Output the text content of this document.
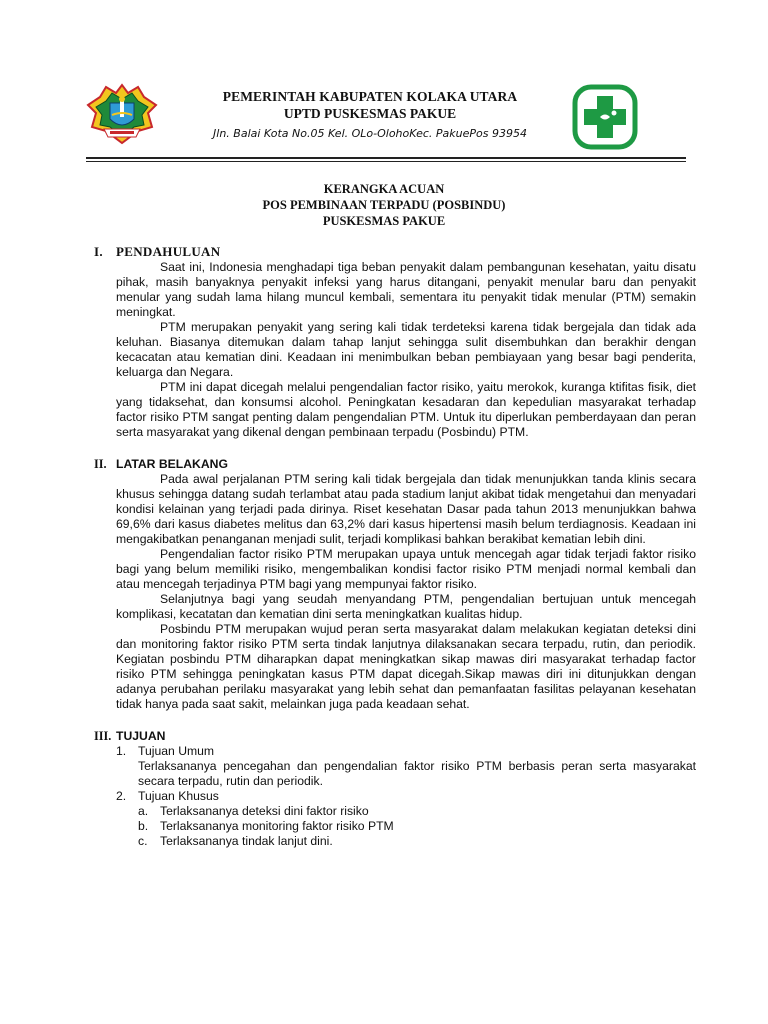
PEMERINTAH KABUPATEN KOLAKA UTARA
UPTD PUSKESMAS PAKUE
Jln. Balai Kota No.05 Kel. OLo-OlohoKec. PakuePos 93954
KERANGKA ACUAN
POS PEMBINAAN TERPADU (POSBINDU)
PUSKESMAS PAKUE
I.	PENDAHULUAN

Saat ini, Indonesia menghadapi tiga beban penyakit dalam pembangunan kesehatan, yaitu disatu pihak, masih banyaknya penyakit infeksi yang harus ditangani, penyakit menular baru dan penyakit menular yang sudah lama hilang muncul kembali, sementara itu penyakit tidak menular (PTM) semakin meningkat.

PTM merupakan penyakit yang sering kali tidak terdeteksi karena tidak bergejala dan tidak ada keluhan. Biasanya ditemukan dalam tahap lanjut sehingga sulit disembuhkan dan berakhir dengan kecacatan atau kematian dini. Keadaan ini menimbulkan beban pembiayaan yang besar bagi penderita, keluarga dan Negara.

PTM ini dapat dicegah melalui pengendalian factor risiko, yaitu merokok, kuranga ktifitas fisik, diet yang tidaksehat, dan konsumsi alcohol. Peningkatan kesadaran dan kepedulian masyarakat terhadap factor risiko PTM sangat penting dalam pengendalian PTM. Untuk itu diperlukan pemberdayaan dan peran serta masyarakat yang dikenal dengan pembinaan terpadu (Posbindu) PTM.

II. LATAR BELAKANG

Pada awal perjalanan PTM sering kali tidak bergejala dan tidak menunjukkan tanda klinis secara khusus sehingga datang sudah terlambat atau pada stadium lanjut akibat tidak mengetahui dan menyadari kondisi kelainan yang terjadi pada dirinya. Riset kesehatan Dasar pada tahun 2013 menunjukkan bahwa 69,6% dari kasus diabetes melitus dan 63,2% dari kasus hipertensi masih belum terdiagnosis. Keadaan ini mengakibatkan penanganan menjadi sulit, terjadi komplikasi bahkan berakibat kematian lebih dini.

Pengendalian factor risiko PTM merupakan upaya untuk mencegah agar tidak terjadi faktor risiko bagi yang belum memiliki risiko, mengembalikan kondisi factor risiko PTM menjadi normal kembali dan atau mencegah terjadinya PTM bagi yang mempunyai faktor risiko.

Selanjutnya bagi yang seudah menyandang PTM, pengendalian bertujuan untuk mencegah komplikasi, kecatatan dan kematian dini serta meningkatkan kualitas hidup.

Posbindu PTM merupakan wujud peran serta masyarakat dalam melakukan kegiatan deteksi dini dan monitoring faktor risiko PTM serta tindak lanjutnya dilaksanakan secara terpadu, rutin, dan periodik. Kegiatan posbindu PTM diharapkan dapat meningkatkan sikap mawas diri masyarakat terhadap factor risiko PTM sehingga peningkatan kasus PTM dapat dicegah.Sikap mawas diri ini ditunjukkan dengan adanya perubahan perilaku masyarakat yang lebih sehat dan pemanfaatan fasilitas pelayanan kesehatan tidak hanya pada saat sakit, melainkan juga pada keadaan sehat.

III. TUJUAN
1. Tujuan Umum

Terlaksananya pencegahan dan pengendalian faktor risiko PTM berbasis peran serta masyarakat secara terpadu, rutin dan periodik.

2. Tujuan Khusus
a. Terlaksananya deteksi dini faktor risiko
b. Terlaksananya monitoring faktor risiko PTM
c.	Terlaksananya tindak lanjut dini.
